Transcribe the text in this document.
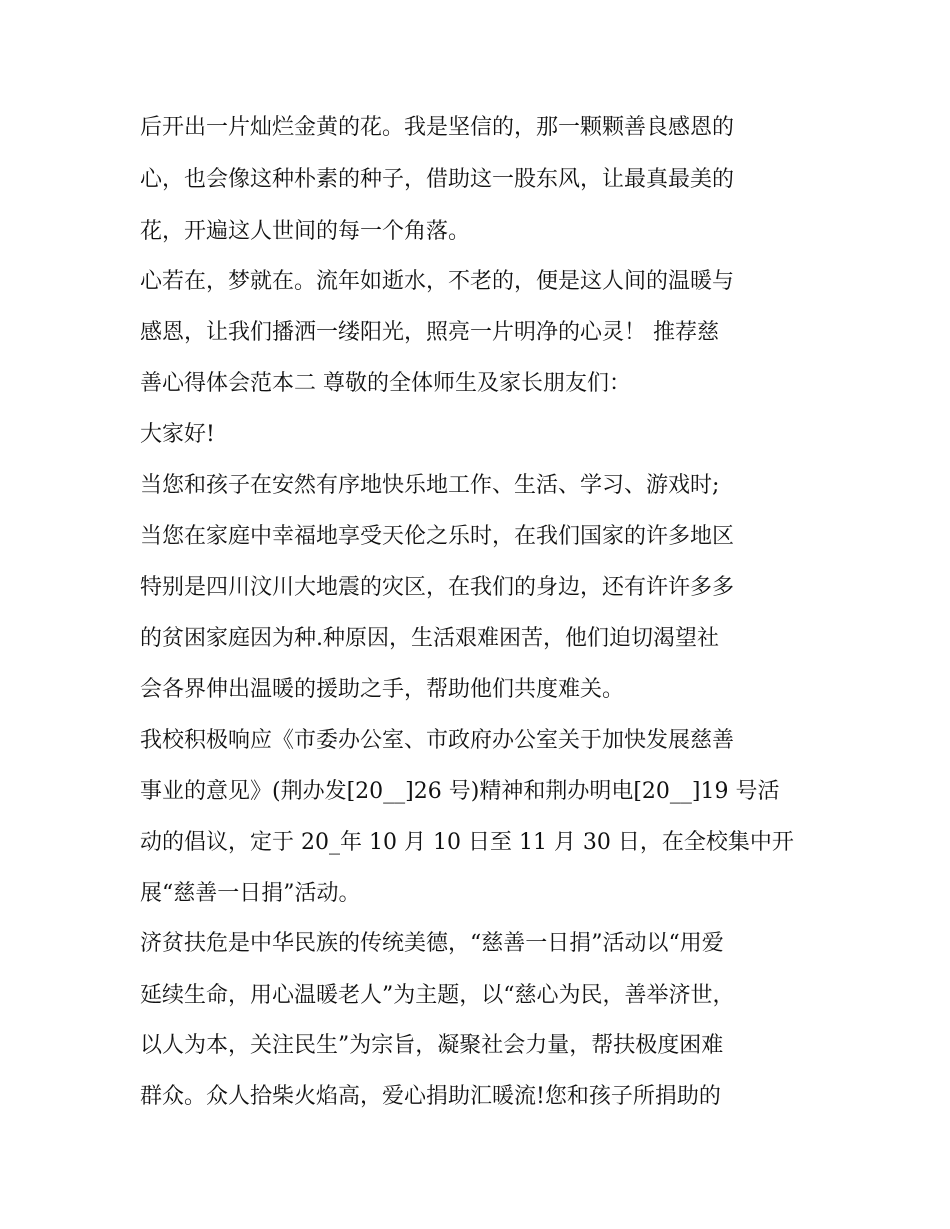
后开出一片灿烂金黄的花。我是坚信的，那一颗颗善良感恩的
心，也会像这种朴素的种子，借助这一股东风，让最真最美的
花，开遍这人世间的每一个角落。
心若在，梦就在。流年如逝水，不老的，便是这人间的温暖与
感恩，让我们播洒一缕阳光，照亮一片明净的心灵！ 推荐慈
善心得体会范本二 尊敬的全体师生及家长朋友们：
大家好!
当您和孩子在安然有序地快乐地工作、生活、学习、游戏时;
当您在家庭中幸福地享受天伦之乐时，在我们国家的许多地区
特别是四川汶川大地震的灾区，在我们的身边，还有许许多多
的贫困家庭因为种.种原因，生活艰难困苦，他们迫切渴望社
会各界伸出温暖的援助之手，帮助他们共度难关。
我校积极响应《市委办公室、市政府办公室关于加快发展慈善
事业的意见》(荆办发[20__]26 号)精神和荆办明电[20__]19 号活
动的倡议，定于 20_年 10 月 10 日至 11 月 30 日，在全校集中开
展“慈善一日捐”活动。
济贫扶危是中华民族的传统美德，“慈善一日捐”活动以“用爱
延续生命，用心温暖老人”为主题，以“慈心为民，善举济世，
以人为本，关注民生”为宗旨，凝聚社会力量，帮扶极度困难
群众。众人拾柴火焰高，爱心捐助汇暖流!您和孩子所捐助的
